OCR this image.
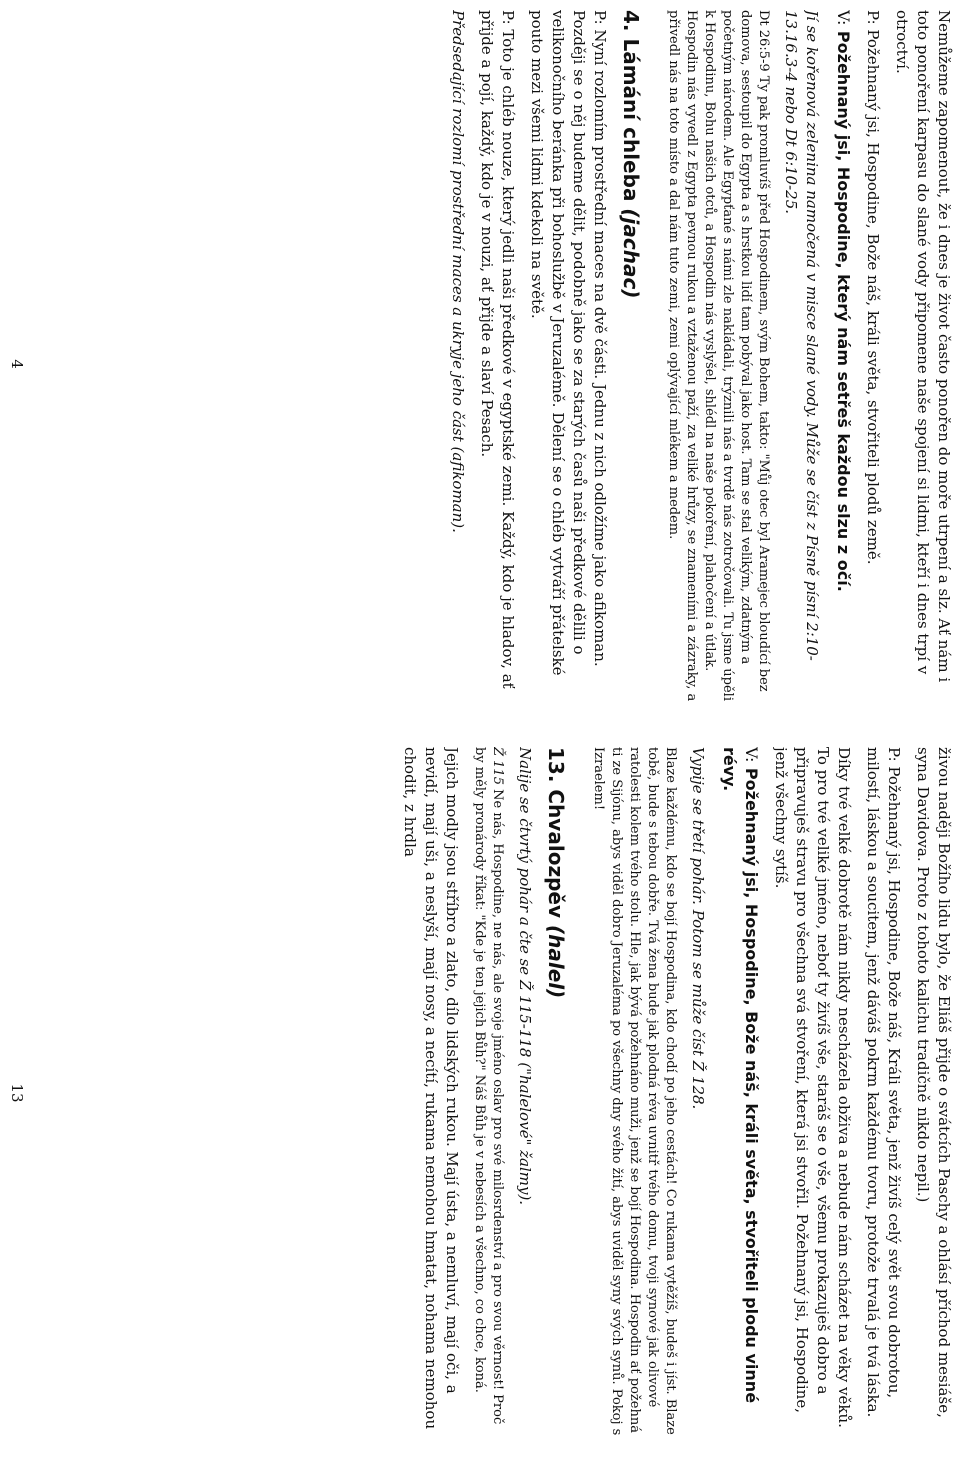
Nemůžeme zapomenout, že i dnes je život často ponořen do moře utrpení a slz. Ať nám i toto ponoření karpasu do slané vody připomene naše spojení si lidmi, kteří i dnes trpí v otroctví.

P: Požehnaný jsi, Hospodine, Bože náš, králi světa, stvořiteli plodů země.

V: Požehnaný jsi, Hospodine, který nám setřeš každou slzu z očí.

Jí se kořenová zelenina namočená v misce slané vody. Může se číst z Písně písní 2:10-13.16.3-4 nebo Dt 6:10-25.

Dt 26:5-9 Ty pak promluvíš před Hospodinem, svým Bohem, takto: "Můj otec byl Aramejec bloudící bez domova, sestoupil do Egypta a s hrstkou lidí tam pobýval jako host. Tam se stal velikým, zdatným a početným národem. Ale Egypťané s námi zle nakládali, trýznili nás a tvrdě nás zotročovali. Tu jsme úpěli k Hospodinu, Bohu našich otců, a Hospodin nás vyslyšel, shlédl na naše pokoření, plahočení a útlak. Hospodin nás vyvedl z Egypta pevnou rukou a vztaženou paží, za veliké hrůzy, se znameními a zázraky, a přivedl nás na toto místo a dal nám tuto zemi, zemi oplývající mlékem a medem.

4. Lámání chleba (jachac)

P: Nyní rozlomím prostřední maces na dvě části. Jednu z nich odložíme jako afikoman. Později se o něj budeme dělit, podobně jako se za starých časů naši předkové dělili o velikonočního beránka při bohoslužbě v Jeruzalémě. Dělení se o chléb vytváří přátelské pouto mezi všemi lidmi kdekoli na světě.

P: Toto je chléb nouze, který jedli naši předkové v egyptské zemi. Každý, kdo je hladov, ať přijde a pojí, každý, kdo je v nouzi, ať přijde a slaví Pesach.

Předsedající rozlomí prostřední maces a ukryje jeho část (afikoman).

4

živou naději Božího lidu bylo, že Eliáš přijde o svátcích Paschy a ohlásí příchod mesiáše, syna Davidova. Proto z tohoto kalichu tradičně nikdo nepil.)

P: Požehnaný jsi, Hospodine, Bože náš, Králi světa, jenž živíš celý svět svou dobrotou, milostí, láskou a soucitem, jenž dáváš pokrm každému tvoru, protože trvalá je tvá láska.

Díky tvé velké dobrotě nám nikdy nescházela obživa a nebude nám scházet na věky věků. To pro tvé veliké jméno, neboť ty živíš vše, staráš se o vše, všemu prokazuješ dobro a připravuješ stravu pro všechna svá stvoření, která jsi stvořil. Požehnaný jsi, Hospodine, jenž všechny sytíš.

V: Požehnaný jsi, Hospodine, Bože náš, králi světa, stvořiteli plodu vinné révy.

Vypije se třetí pohár. Potom se může číst Ž 128.

Blaze každému, kdo se bojí Hospodina, kdo chodí po jeho cestách! Co rukama vytěžíš, budeš i jíst. Blaze tobě, bude s tebou dobře. Tvá žena bude jak plodná réva uvnitř tvého domu, tvoji synové jak olivové ratolesti kolem tvého stolu. Hle, jak bývá požehnáno muži, jenž se bojí Hospodina. Hospodin ať požehná ti ze Sijónu, abys viděl dobro Jeruzaléma po všechny dny svého žití, abys uviděl syny svých synů. Pokoj s Izraelem!

13. Chvalozpěv (halel)

Nalije se čtvrtý pohár a čte se Ž 115-118 ("halelové" žalmy).

Ž 115 Ne nás, Hospodine, ne nás, ale svoje jméno oslav pro své milosrdenství a pro svou věrnost! Proč by měly pronárody říkat: "Kde je ten jejich Bůh?" Náš Bůh je v nebesích a všechno, co chce, koná.

Jejich modly jsou stříbro a zlato, dílo lidských rukou. Mají ústa, a nemluví, mají oči, a nevidí, mají uši, a neslyší, mají nosy, a necítí, rukama nemohou hmatat, nohama nemohou chodit, z hrdla

13
